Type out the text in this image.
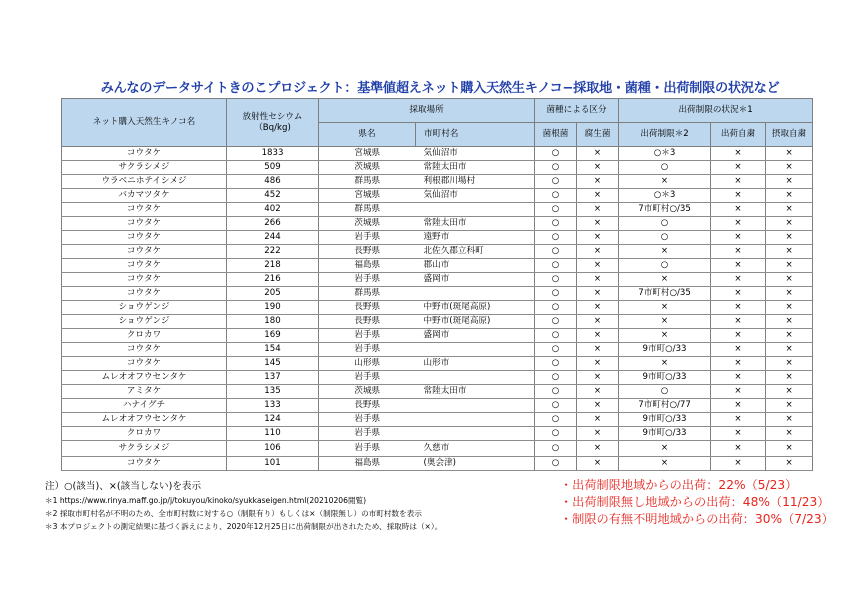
みんなのデータサイトきのこプロジェクト：基準値超えネット購入天然生キノコ−採取地・菌種・出荷制限の状況など
ネット購入天然生キノコ名	放射性セシウム
（Bq/kg)	採取場所		菌種による区分		出荷制限の状況＊1		
		県名	市町村名	菌根菌	腐生菌	出荷制限＊2	出荷自粛	摂取自粛
コウタケ	1833	宮城県	気仙沼市	○	×	○＊3	×	×
サクラシメジ	509	茨城県	常陸太田市	○	×	○	×	×
ウラベニホテイシメジ	486	群馬県	利根郡川場村	○	×	×	×	×
バカマツタケ	452	宮城県	気仙沼市	○	×	○＊3	×	×
コウタケ	402	群馬県		○	×	7市町村○/35	×	×
コウタケ	266	茨城県	常陸太田市	○	×	○	×	×
コウタケ	244	岩手県	遠野市	○	×	○	×	×
コウタケ	222	長野県	北佐久郡立科町	○	×	×	×	×
コウタケ	218	福島県	郡山市	○	×	○	×	×
コウタケ	216	岩手県	盛岡市	○	×	×	×	×
コウタケ	205	群馬県		○	×	7市町村○/35	×	×
ショウゲンジ	190	長野県	中野市(斑尾高原)	○	×	×	×	×
ショウゲンジ	180	長野県	中野市(斑尾高原)	○	×	×	×	×
クロカワ	169	岩手県	盛岡市	○	×	×	×	×
コウタケ	154	岩手県		○	×	9市町○/33	×	×
コウタケ	145	山形県	山形市	○	×	×	×	×
ムレオオフウセンタケ	137	岩手県		○	×	9市町○/33	×	×
アミタケ	135	茨城県	常陸太田市	○	×	○	×	×
ハナイグチ	133	長野県		○	×	7市町村○/77	×	×
ムレオオフウセンタケ	124	岩手県		○	×	9市町○/33	×	×
クロカワ	110	岩手県		○	×	9市町○/33	×	×
サクラシメジ	106	岩手県	久慈市	○	×	×	×	×
コウタケ	101	福島県	(奥会津)	○	×	×	×	×
注）○(該当)、×(該当しない)を表示
＊1 https://www.rinya.maff.go.jp/j/tokuyou/kinoko/syukkaseigen.html(20210206閲覧)
＊2 採取市町村名が不明のため、全市町村数に対する○（制限有り）もしくは×（制限無し）の市町村数を表示
＊3 本プロジェクトの測定結果に基づく訴えにより、2020年12月25日に出荷制限が出されたため、採取時は（×）。
・出荷制限地域からの出荷：22%（5/23）
・出荷制限無し地域からの出荷：48%（11/23）
・制限の有無不明地域からの出荷：30%（7/23）
